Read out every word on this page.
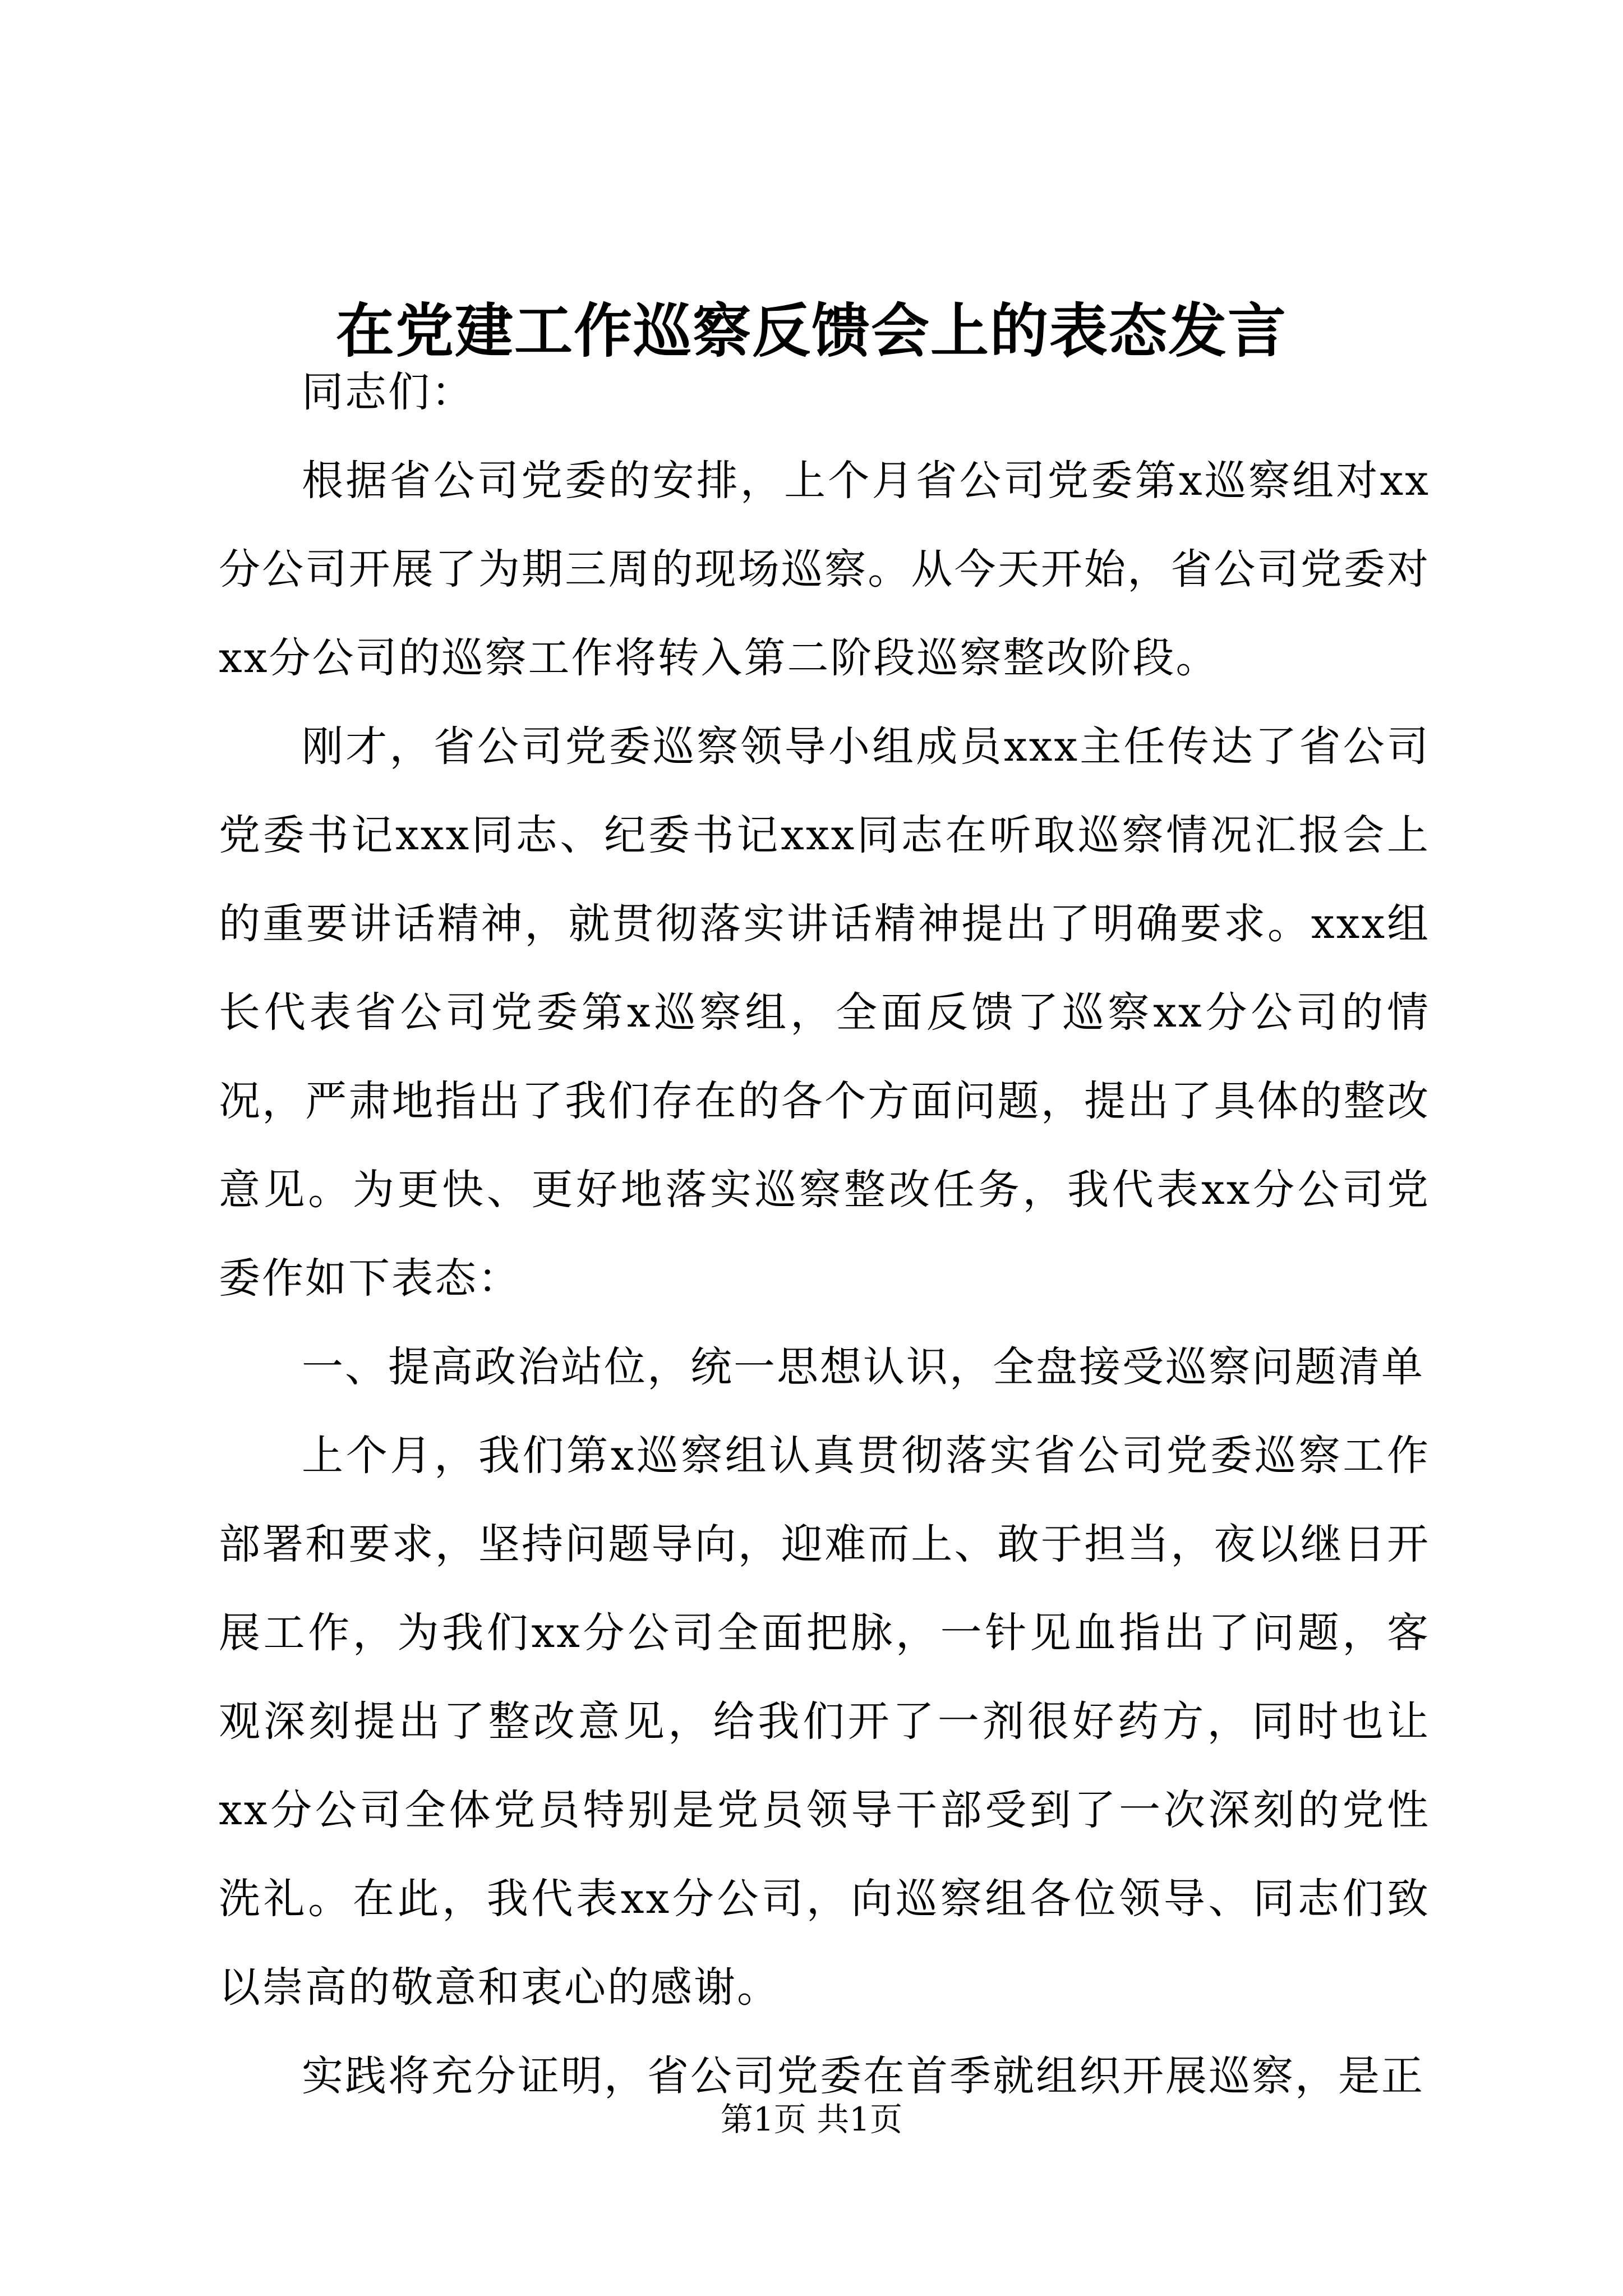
在党建工作巡察反馈会上的表态发言

同志们：

根据省公司党委的安排，上个月省公司党委第x巡察组对xx分公司开展了为期三周的现场巡察。从今天开始，省公司党委对xx分公司的巡察工作将转入第二阶段巡察整改阶段。

刚才，省公司党委巡察领导小组成员xxx主任传达了省公司党委书记xxx同志、纪委书记xxx同志在听取巡察情况汇报会上的重要讲话精神，就贯彻落实讲话精神提出了明确要求。xxx组长代表省公司党委第x巡察组，全面反馈了巡察xx分公司的情况，严肃地指出了我们存在的各个方面问题，提出了具体的整改意见。为更快、更好地落实巡察整改任务，我代表xx分公司党委作如下表态：

一、提高政治站位，统一思想认识，全盘接受巡察问题清单

上个月，我们第x巡察组认真贯彻落实省公司党委巡察工作部署和要求，坚持问题导向，迎难而上、敢于担当，夜以继日开展工作，为我们xx分公司全面把脉，一针见血指出了问题，客观深刻提出了整改意见，给我们开了一剂很好药方，同时也让xx分公司全体党员特别是党员领导干部受到了一次深刻的党性洗礼。在此，我代表xx分公司，向巡察组各位领导、同志们致以崇高的敬意和衷心的感谢。

实践将充分证明，省公司党委在首季就组织开展巡察，是正

第1页 共1页
